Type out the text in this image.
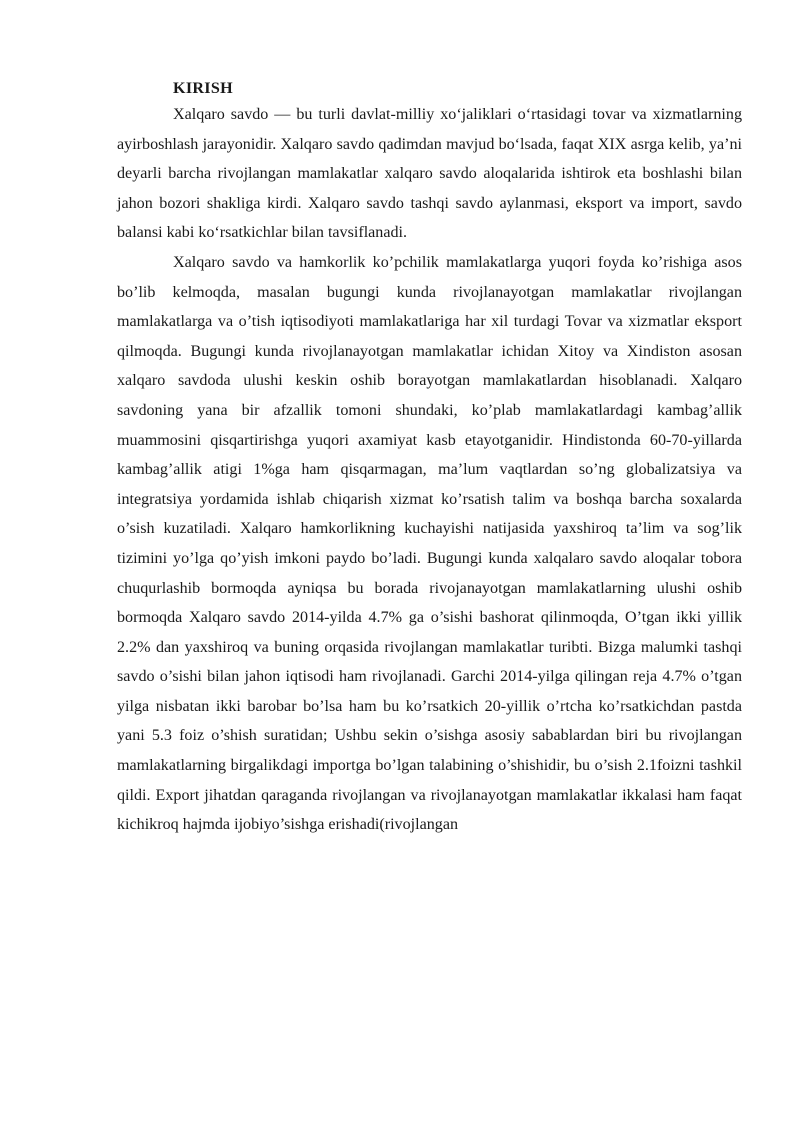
KIRISH

Xalqaro savdo — bu turli davlat-milliy xo‘jaliklari o‘rtasidagi tovar va xizmatlarning ayirboshlash jarayonidir. Xalqaro savdo qadimdan mavjud bo‘lsada, faqat XIX asrga kelib, ya’ni deyarli barcha rivojlangan mamlakatlar xalqaro savdo aloqalarida ishtirok eta boshlashi bilan jahon bozori shakliga kirdi. Xalqaro savdo tashqi savdo aylanmasi, eksport va import, savdo balansi kabi ko‘rsatkichlar bilan tavsiflanadi.

Xalqaro savdo va hamkorlik ko’pchilik mamlakatlarga yuqori foyda ko’rishiga asos bo’lib kelmoqda, masalan bugungi kunda rivojlanayotgan mamlakatlar rivojlangan mamlakatlarga va o’tish iqtisodiyoti mamlakatlariga har xil turdagi Tovar va xizmatlar eksport qilmoqda. Bugungi kunda rivojlanayotgan mamlakatlar ichidan Xitoy va Xindiston asosan xalqaro savdoda ulushi keskin oshib borayotgan mamlakatlardan hisoblanadi. Xalqaro savdoning yana bir afzallik tomoni shundaki, ko’plab mamlakatlardagi kambag’allik muammosini qisqartirishga yuqori axamiyat kasb etayotganidir. Hindistonda 60-70-yillarda kambag’allik atigi 1%ga ham qisqarmagan, ma’lum vaqtlardan so’ng globalizatsiya va integratsiya yordamida ishlab chiqarish xizmat ko’rsatish talim va boshqa barcha soxalarda o’sish kuzatiladi. Xalqaro hamkorlikning kuchayishi natijasida yaxshiroq ta’lim va sog’lik tizimini yo’lga qo’yish imkoni paydo bo’ladi. Bugungi kunda xalqalaro savdo aloqalar tobora chuqurlashib bormoqda ayniqsa bu borada rivojanayotgan mamlakatlarning ulushi oshib bormoqda Xalqaro savdo 2014-yilda 4.7% ga o’sishi bashorat qilinmoqda, O’tgan ikki yillik 2.2% dan yaxshiroq va buning orqasida rivojlangan mamlakatlar turibti. Bizga malumki tashqi savdo o’sishi bilan jahon iqtisodi ham rivojlanadi. Garchi 2014-yilga qilingan reja 4.7% o’tgan yilga nisbatan ikki barobar bo’lsa ham bu ko’rsatkich 20-yillik o’rtcha ko’rsatkichdan pastda yani 5.3 foiz o’shish suratidan; Ushbu sekin o’sishga asosiy sabablardan biri bu rivojlangan mamlakatlarning birgalikdagi importga bo’lgan talabining o’shishidir, bu o’sish 2.1foizni tashkil qildi. Export jihatdan qaraganda rivojlangan va rivojlanayotgan mamlakatlar ikkalasi ham faqat kichikroq hajmda ijobiyo’sishga erishadi(rivojlangan
